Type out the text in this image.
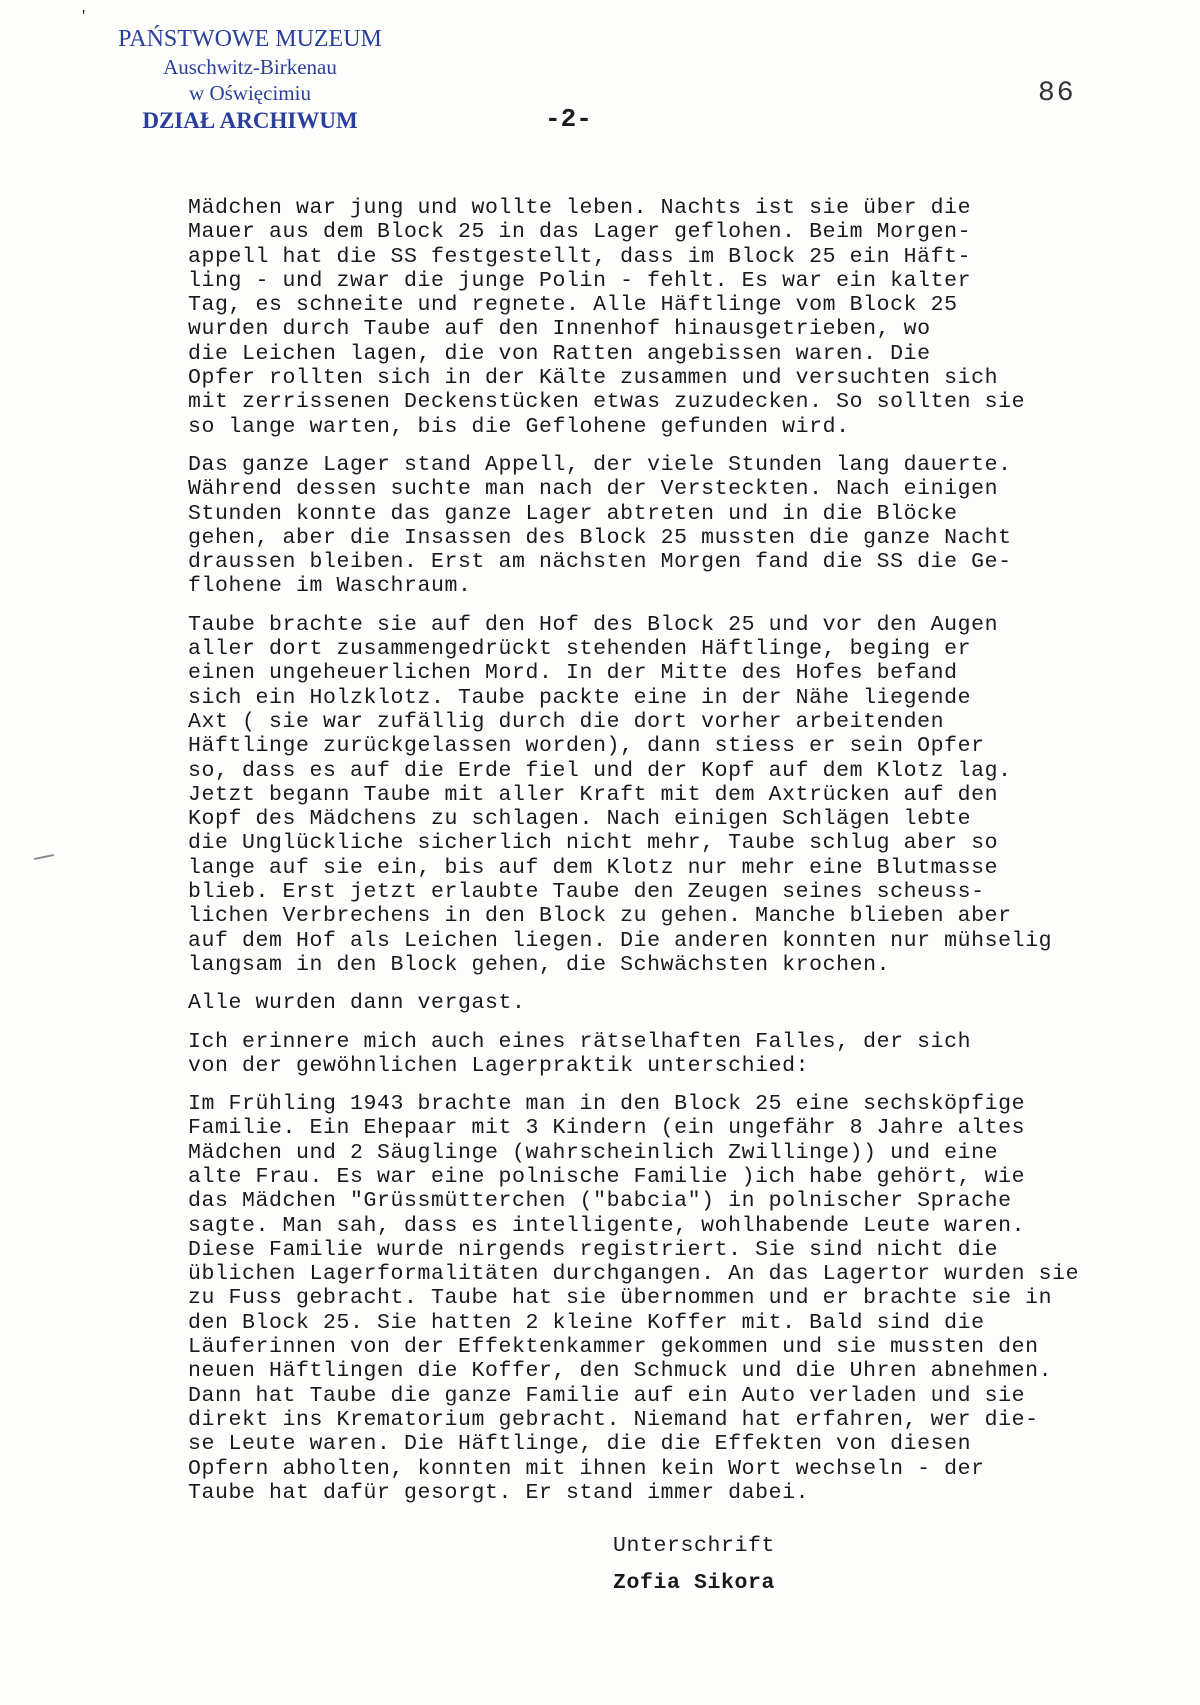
'
PAŃSTWOWE MUZEUM
Auschwitz-Birkenau
w Oświęcimiu
DZIAŁ ARCHIWUM	-2-
86
Mädchen war jung und wollte leben. Nachts ist sie über die
Mauer aus dem Block 25 in das Lager geflohen. Beim Morgen-
appell hat die SS festgestellt, dass im Block 25 ein Häft-
ling - und zwar die junge Polin - fehlt. Es war ein kalter
Tag, es schneite und regnete. Alle Häftlinge vom Block 25
wurden durch Taube auf den Innenhof hinausgetrieben, wo
die Leichen lagen, die von Ratten angebissen waren. Die
Opfer rollten sich in der Kälte zusammen und versuchten sich
mit zerrissenen Deckenstücken etwas zuzudecken. So sollten sie
so lange warten, bis die Geflohene gefunden wird.
Das ganze Lager stand Appell, der viele Stunden lang dauerte.
Während dessen suchte man nach der Versteckten. Nach einigen
Stunden konnte das ganze Lager abtreten und in die Blöcke
gehen, aber die Insassen des Block 25 mussten die ganze Nacht
draussen bleiben. Erst am nächsten Morgen fand die SS die Ge-
flohene im Waschraum.
Taube brachte sie auf den Hof des Block 25 und vor den Augen
aller dort zusammengedrückt stehenden Häftlinge, beging er
einen ungeheuerlichen Mord. In der Mitte des Hofes befand
sich ein Holzklotz. Taube packte eine in der Nähe liegende
Axt ( sie war zufällig durch die dort vorher arbeitenden
Häftlinge zurückgelassen worden), dann stiess er sein Opfer
so, dass es auf die Erde fiel und der Kopf auf dem Klotz lag.
Jetzt begann Taube mit aller Kraft mit dem Axtrücken auf den
Kopf des Mädchens zu schlagen. Nach einigen Schlägen lebte
die Unglückliche sicherlich nicht mehr, Taube schlug aber so
lange auf sie ein, bis auf dem Klotz nur mehr eine Blutmasse
blieb. Erst jetzt erlaubte Taube den Zeugen seines scheuss-
lichen Verbrechens in den Block zu gehen. Manche blieben aber
auf dem Hof als Leichen liegen. Die anderen konnten nur mühselig
langsam in den Block gehen, die Schwächsten krochen.
Alle wurden dann vergast.
Ich erinnere mich auch eines rätselhaften Falles, der sich
von der gewöhnlichen Lagerpraktik unterschied:
Im Frühling 1943 brachte man in den Block 25 eine sechsköpfige
Familie. Ein Ehepaar mit 3 Kindern (ein ungefähr 8 Jahre altes
Mädchen und 2 Säuglinge (wahrscheinlich Zwillinge)) und eine
alte Frau. Es war eine polnische Familie )ich habe gehört, wie
das Mädchen "Grüssmütterchen ("babcia") in polnischer Sprache
sagte. Man sah, dass es intelligente, wohlhabende Leute waren.
Diese Familie wurde nirgends registriert. Sie sind nicht die
üblichen Lagerformalitäten durchgangen. An das Lagertor wurden sie
zu Fuss gebracht. Taube hat sie übernommen und er brachte sie in
den Block 25. Sie hatten 2 kleine Koffer mit. Bald sind die
Läuferinnen von der Effektenkammer gekommen und sie mussten den
neuen Häftlingen die Koffer, den Schmuck und die Uhren abnehmen.
Dann hat Taube die ganze Familie auf ein Auto verladen und sie
direkt ins Krematorium gebracht. Niemand hat erfahren, wer die-
se Leute waren. Die Häftlinge, die die Effekten von diesen
Opfern abholten, konnten mit ihnen kein Wort wechseln - der
Taube hat dafür gesorgt. Er stand immer dabei.
Unterschrift
Zofia Sikora
